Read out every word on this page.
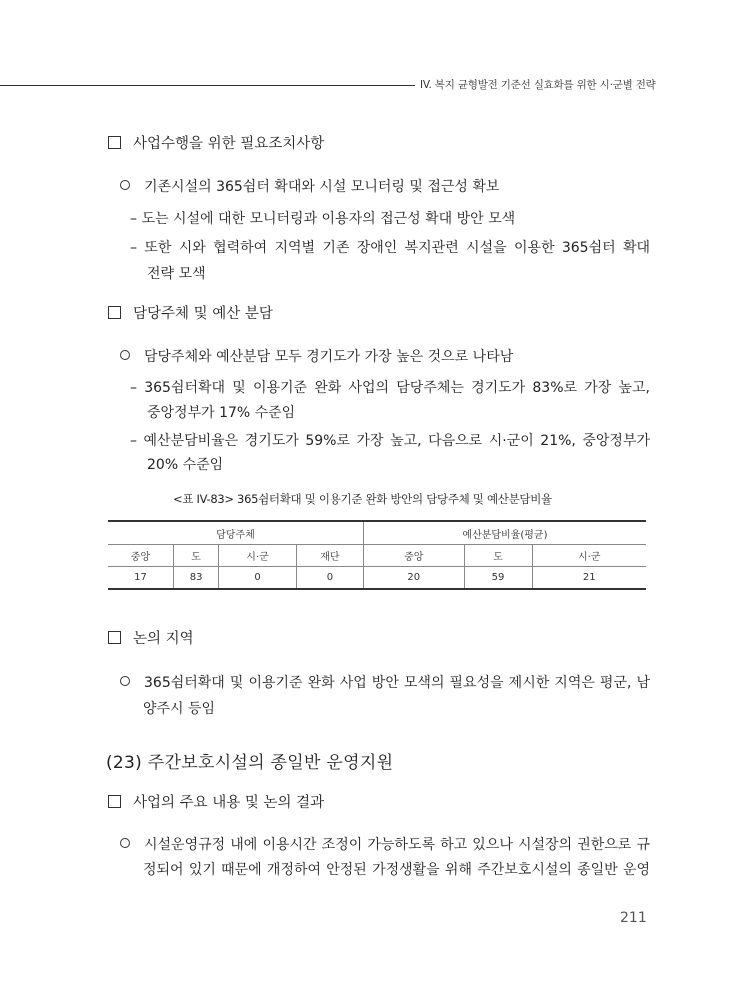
IV. 복지 균형발전 기준선 실효화를 위한 시·군별 전략
사업수행을 위한 필요조치사항
기존시설의 365쉼터 확대와 시설 모니터링 및 접근성 확보
– 도는 시설에 대한 모니터링과 이용자의 접근성 확대 방안 모색
– 또한 시와 협력하여 지역별 기존 장애인 복지관련 시설을 이용한 365쉼터 확대
전략 모색
담당주체 및 예산 분담
담당주체와 예산분담 모두 경기도가 가장 높은 것으로 나타남
– 365쉼터확대 및 이용기준 완화 사업의 담당주체는 경기도가 83%로 가장 높고,
중앙정부가 17% 수준임
– 예산분담비율은 경기도가 59%로 가장 높고, 다음으로 시·군이 21%, 중앙정부가
20% 수준임
<표 IV-83> 365쉼터확대 및 이용기준 완화 방안의 담당주체 및 예산분담비율
담당주체				예산분담비율(평균)		
중앙	도	시·군	재단	중앙	도	시·군
17	83	0	0	20	59	21
논의 지역
365쉼터확대 및 이용기준 완화 사업 방안 모색의 필요성을 제시한 지역은 평군, 남
양주시 등임
(23) 주간보호시설의 종일반 운영지원
사업의 주요 내용 및 논의 결과
시설운영규정 내에 이용시간 조정이 가능하도록 하고 있으나 시설장의 권한으로 규
정되어 있기 때문에 개정하여 안정된 가정생활을 위해 주간보호시설의 종일반 운영
211
